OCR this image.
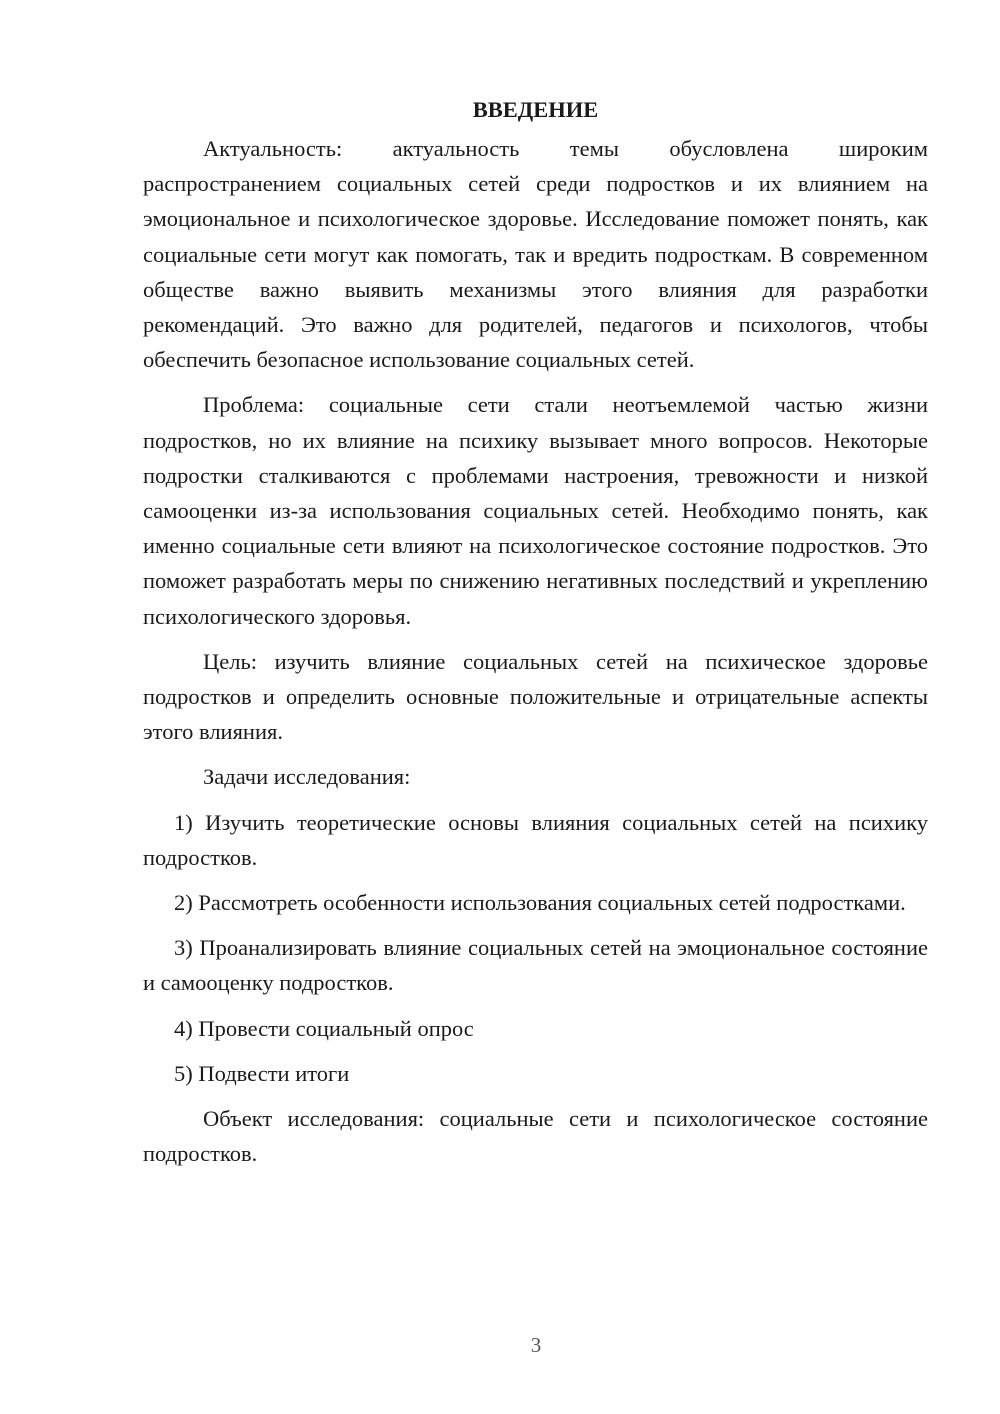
ВВЕДЕНИЕ

Актуальность: актуальность темы обусловлена широким распространением социальных сетей среди подростков и их влиянием на эмоциональное и психологическое здоровье. Исследование поможет понять, как социальные сети могут как помогать, так и вредить подросткам. В современном обществе важно выявить механизмы этого влияния для разработки рекомендаций. Это важно для родителей, педагогов и психологов, чтобы обеспечить безопасное использование социальных сетей.

Проблема: социальные сети стали неотъемлемой частью жизни подростков, но их влияние на психику вызывает много вопросов. Некоторые подростки сталкиваются с проблемами настроения, тревожности и низкой самооценки из-за использования социальных сетей. Необходимо понять, как именно социальные сети влияют на психологическое состояние подростков. Это поможет разработать меры по снижению негативных последствий и укреплению психологического здоровья.

Цель: изучить влияние социальных сетей на психическое здоровье подростков и определить основные положительные и отрицательные аспекты этого влияния.

Задачи исследования:

1) Изучить теоретические основы влияния социальных сетей на психику подростков.

2) Рассмотреть особенности использования социальных сетей подростками.

3) Проанализировать влияние социальных сетей на эмоциональное состояние и самооценку подростков.

4) Провести социальный опрос

5) Подвести итоги

Объект исследования: социальные сети и психологическое состояние подростков.

3
